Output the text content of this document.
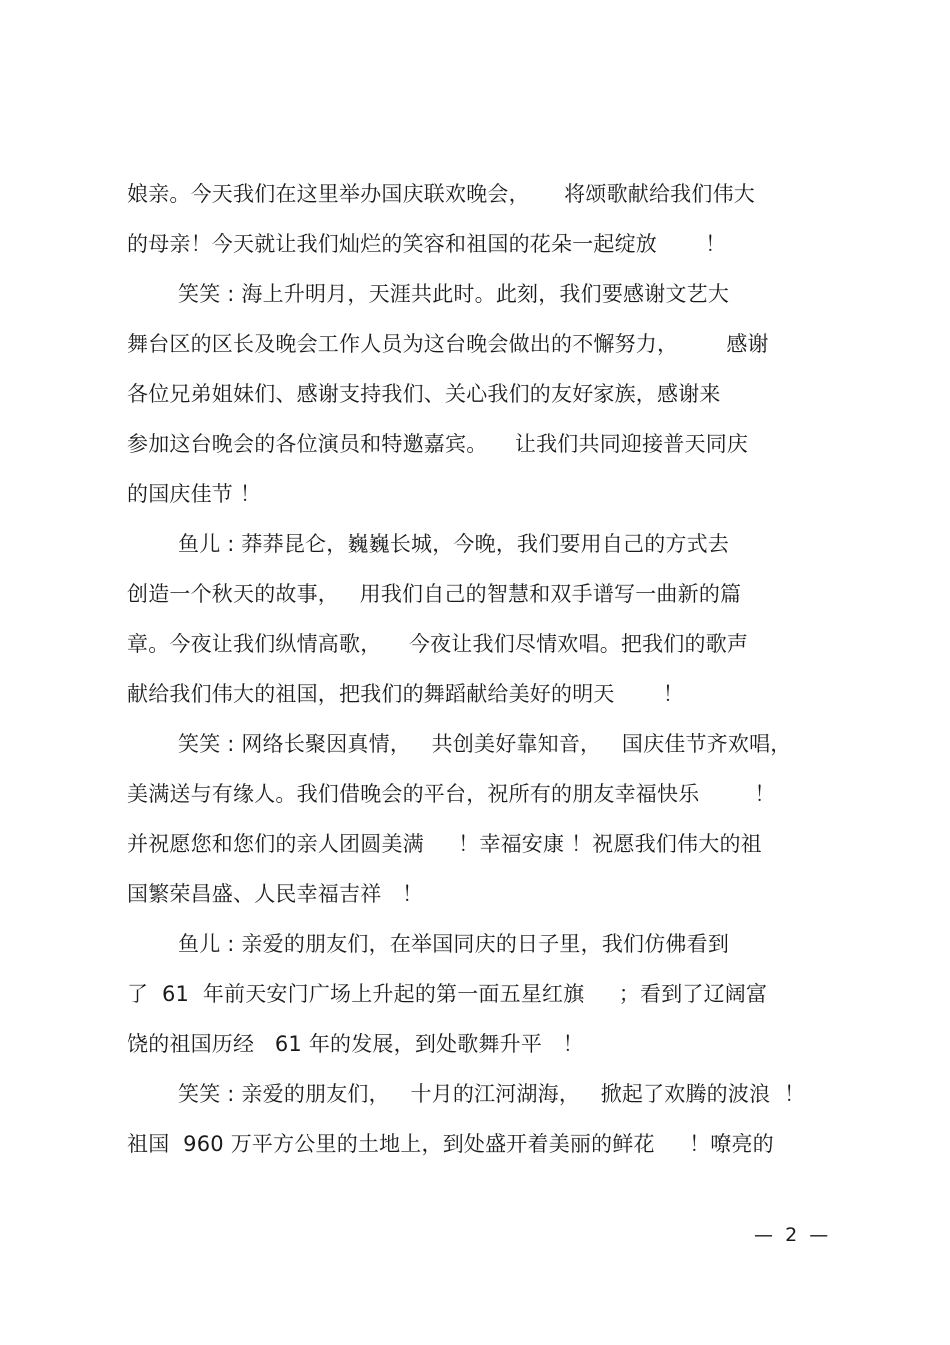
娘亲。今天我们在这里举办国庆联欢晚会，     将颂歌献给我们伟大
的母亲！今天就让我们灿烂的笑容和祖国的花朵一起绽放       ！
笑笑 : 海上升明月，天涯共此时。此刻，我们要感谢文艺大
舞台区的区长及晚会工作人员为这台晚会做出的不懈努力，       感谢
各位兄弟姐妹们、感谢支持我们、关心我们的友好家族，感谢来
参加这台晚会的各位演员和特邀嘉宾。    让我们共同迎接普天同庆
的国庆佳节 ！
鱼儿 : 莽莽昆仑，巍巍长城，今晚，我们要用自己的方式去
创造一个秋天的故事，   用我们自己的智慧和双手谱写一曲新的篇
章。今夜让我们纵情高歌，    今夜让我们尽情欢唱。把我们的歌声
献给我们伟大的祖国，把我们的舞蹈献给美好的明天       ！
笑笑 : 网络长聚因真情，   共创美好靠知音，   国庆佳节齐欢唱，
美满送与有缘人。我们借晚会的平台，祝所有的朋友幸福快乐        ！
并祝愿您和您们的亲人团圆美满     ！幸福安康 ！祝愿我们伟大的祖
国繁荣昌盛、人民幸福吉祥   ！
鱼儿 : 亲爱的朋友们，在举国同庆的日子里，我们仿佛看到
了  61  年前天安门广场上升起的第一面五星红旗     ；看到了辽阔富
饶的祖国历经   61 年的发展，到处歌舞升平   ！
笑笑 : 亲爱的朋友们，   十月的江河湖海，   掀起了欢腾的波浪  ！
祖国  960 万平方公里的土地上，到处盛开着美丽的鲜花     ！嘹亮的
—  2  —
